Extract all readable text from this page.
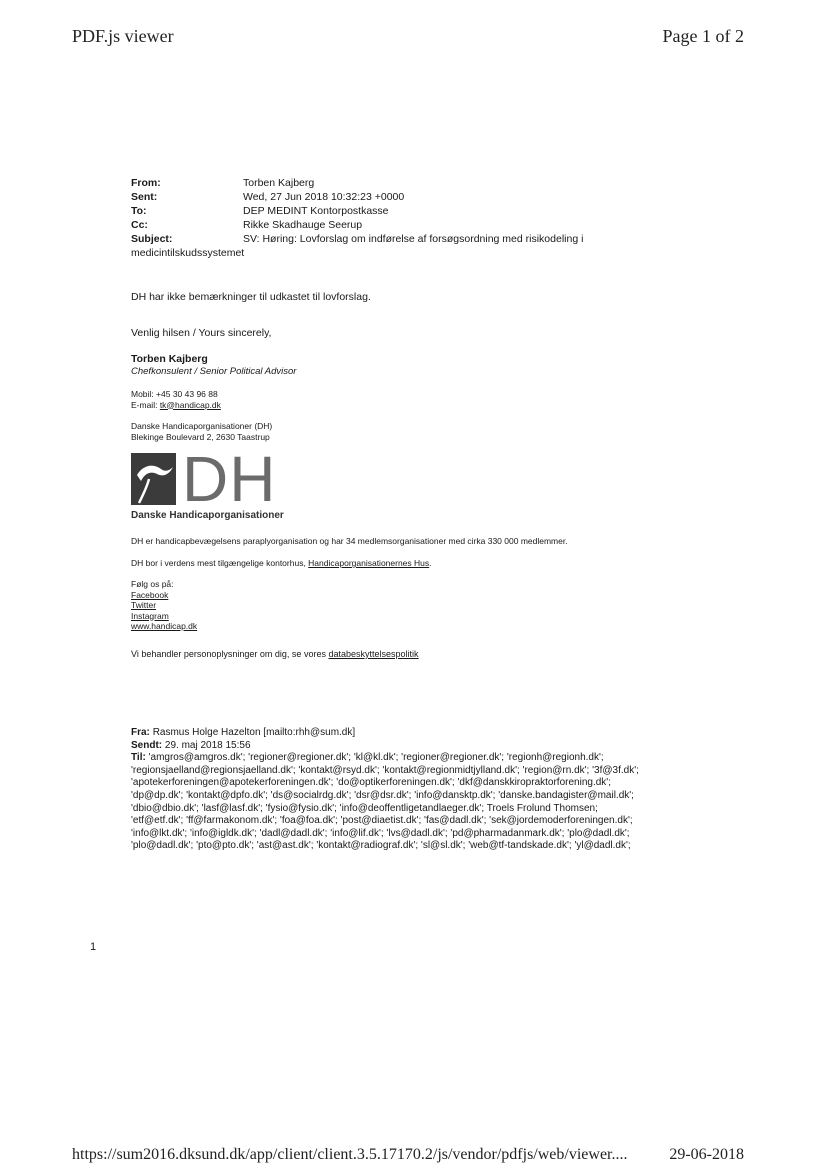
PDF.js viewer	Page 1 of 2
From:	Torben Kajberg
Sent:	Wed, 27 Jun 2018 10:32:23 +0000
To:	DEP MEDINT Kontorpostkasse
Cc:	Rikke Skadhauge Seerup
Subject:	SV: Høring: Lovforslag om indførelse af forsøgsordning med risikodeling i
medicintilskudssystemet
DH har ikke bemærkninger til udkastet til lovforslag.
Venlig hilsen / Yours sincerely,
Torben Kajberg
Chefkonsulent / Senior Political Advisor
Mobil: +45 30 43 96 88
E-mail: tk@handicap.dk
Danske Handicaporganisationer (DH)
Blekinge Boulevard 2, 2630 Taastrup
DH
Danske Handicaporganisationer
DH er handicapbevægelsens paraplyorganisation og har 34 medlemsorganisationer med cirka 330 000 medlemmer.
DH bor i verdens mest tilgængelige kontorhus, Handicaporganisationernes Hus.
Følg os på:
Facebook
Twitter
Instagram
www.handicap.dk
Vi behandler personoplysninger om dig, se vores databeskyttelsespolitik
Fra: Rasmus Holge Hazelton [mailto:rhh@sum.dk]
Sendt: 29. maj 2018 15:56
Til: 'amgros@amgros.dk'; 'regioner@regioner.dk'; 'kl@kl.dk'; 'regioner@regioner.dk'; 'regionh@regionh.dk'; 'regionsjaelland@regionsjaelland.dk'; 'kontakt@rsyd.dk'; 'kontakt@regionmidtjylland.dk'; 'region@rn.dk'; '3f@3f.dk'; 'apotekerforeningen@apotekerforeningen.dk'; 'do@optikerforeningen.dk'; 'dkf@danskkiropraktorforening.dk'; 'dp@dp.dk'; 'kontakt@dpfo.dk'; 'ds@socialrdg.dk'; 'dsr@dsr.dk'; 'info@dansktp.dk'; 'danske.bandagister@mail.dk'; 'dbio@dbio.dk'; 'lasf@lasf.dk'; 'fysio@fysio.dk'; 'info@deoffentligetandlaeger.dk'; Troels Frolund Thomsen; 'etf@etf.dk'; 'ff@farmakonom.dk'; 'foa@foa.dk'; 'post@diaetist.dk'; 'fas@dadl.dk'; 'sek@jordemoderforeningen.dk'; 'info@lkt.dk'; 'info@igldk.dk'; 'dadl@dadl.dk'; 'info@lif.dk'; 'lvs@dadl.dk'; 'pd@pharmadanmark.dk'; 'plo@dadl.dk'; 'plo@dadl.dk'; 'pto@pto.dk'; 'ast@ast.dk'; 'kontakt@radiograf.dk'; 'sl@sl.dk'; 'web@tf-tandskade.dk'; 'yl@dadl.dk';
1
https://sum2016.dksund.dk/app/client/client.3.5.17170.2/js/vendor/pdfjs/web/viewer....	29-06-2018
